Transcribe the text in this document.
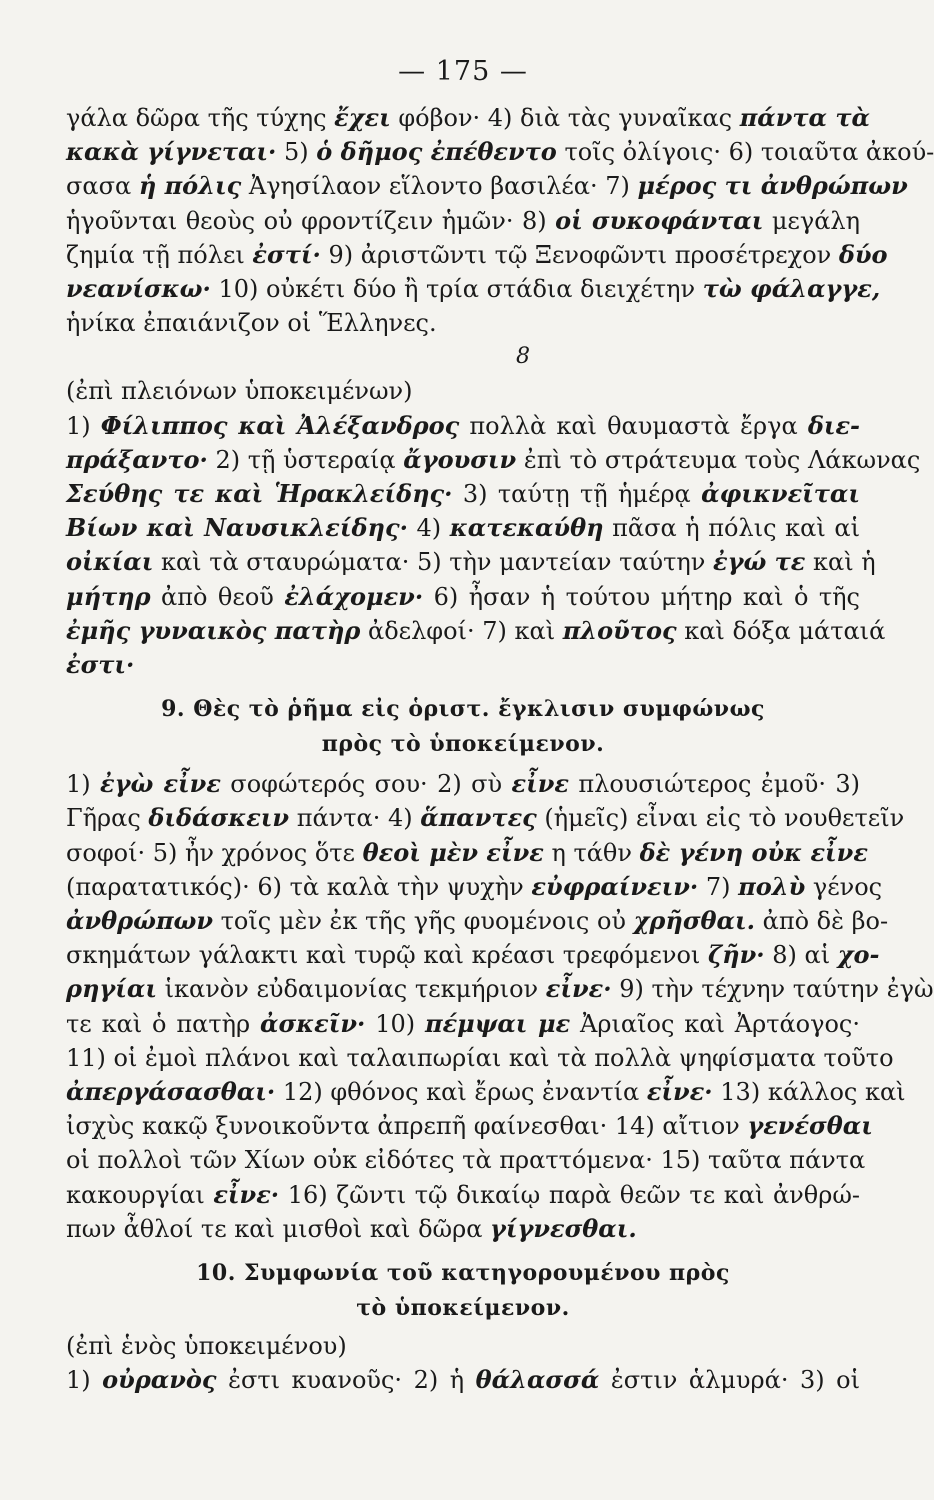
— 175 —
γάλα δῶρα τῆς τύχης ἔχει φόβον· 4) διὰ τὰς γυναῖκας πάντα τὰ
κακὰ γίγνεται· 5) ὁ δῆμος ἐπέθεντο τοῖς ὀλίγοις· 6) τοιαῦτα ἀκού-
σασα ἡ πόλις Ἀγησίλαον εἵλοντο βασιλέα· 7) μέρος τι ἀνθρώπων
ἡγοῦνται θεοὺς οὐ φροντίζειν ἡμῶν· 8) οἱ συκοφάνται μεγάλη
ζημία τῇ πόλει ἐστί· 9) ἀριστῶντι τῷ Ξενοφῶντι προσέτρεχον δύο
νεανίσκω· 10) οὐκέτι δύο ἢ τρία στάδια διειχέτην τὼ φάλαγγε,
ἡνίκα ἐπαιάνιζον οἱ Ἕλληνες.
8
(ἐπὶ πλειόνων ὑποκειμένων)
1) Φίλιππος καὶ Ἀλέξανδρος πολλὰ καὶ θαυμαστὰ ἔργα διε-
πράξαντο· 2) τῇ ὑστεραίᾳ ἄγουσιν ἐπὶ τὸ στράτευμα τοὺς Λάκωνας
Σεύθης τε καὶ Ἡρακλείδης· 3) ταύτῃ τῇ ἡμέρᾳ ἀφικνεῖται
Βίων καὶ Ναυσικλείδης· 4) κατεκαύθη πᾶσα ἡ πόλις καὶ αἱ
οἰκίαι καὶ τὰ σταυρώματα· 5) τὴν μαντείαν ταύτην ἐγώ τε καὶ ἡ
μήτηρ ἀπὸ θεοῦ ἐλάχομεν· 6) ἦσαν ἡ τούτου μήτηρ καὶ ὁ τῆς
ἐμῆς γυναικὸς πατὴρ ἀδελφοί· 7) καὶ πλοῦτος καὶ δόξα μάταιά
ἐστι·
9. Θὲς τὸ ῥῆμα εἰς ὁριστ. ἔγκλισιν συμφώνως
πρὸς τὸ ὑποκείμενον.
1) ἐγὼ εἶνε σοφώτερός σου· 2) σὺ εἶνε πλουσιώτερος ἐμοῦ· 3)
Γῆρας διδάσκειν πάντα· 4) ἅπαντες (ἡμεῖς) εἶναι εἰς τὸ νουθετεῖν
σοφοί· 5) ἦν χρόνος ὅτε θεοὶ μὲν εἶνε η τάθν δὲ γένη οὐκ εἶνε
(παρατατικός)· 6) τὰ καλὰ τὴν ψυχὴν εὐφραίνειν· 7) πολὺ γένος
ἀνθρώπων τοῖς μὲν ἐκ τῆς γῆς φυομένοις οὐ χρῆσθαι. ἀπὸ δὲ βο-
σκημάτων γάλακτι καὶ τυρῷ καὶ κρέασι τρεφόμενοι ζῆν· 8) αἱ χο-
ρηγίαι ἱκανὸν εὐδαιμονίας τεκμήριον εἶνε· 9) τὴν τέχνην ταύτην ἐγὼ
τε καὶ ὁ πατὴρ ἀσκεῖν· 10) πέμψαι με Ἀριαῖος καὶ Ἀρτάογος·
11) οἱ ἐμοὶ πλάνοι καὶ ταλαιπωρίαι καὶ τὰ πολλὰ ψηφίσματα τοῦτο
ἀπεργάσασθαι· 12) φθόνος καὶ ἔρως ἐναντία εἶνε· 13) κάλλος καὶ
ἰσχὺς κακῷ ξυνοικοῦντα ἀπρεπῆ φαίνεσθαι· 14) αἴτιον γενέσθαι
οἱ πολλοὶ τῶν Χίων οὐκ εἰδότες τὰ πραττόμενα· 15) ταῦτα πάντα
κακουργίαι εἶνε· 16) ζῶντι τῷ δικαίῳ παρὰ θεῶν τε καὶ ἀνθρώ-
πων ἆθλοί τε καὶ μισθοὶ καὶ δῶρα γίγνεσθαι.
10. Συμφωνία τοῦ κατηγορουμένου πρὸς
τὸ ὑποκείμενον.
(ἐπὶ ἑνὸς ὑποκειμένου)
1) οὐρανὸς ἐστι κυανοῦς· 2) ἡ θάλασσά ἐστιν ἁλμυρά· 3) οἱ
